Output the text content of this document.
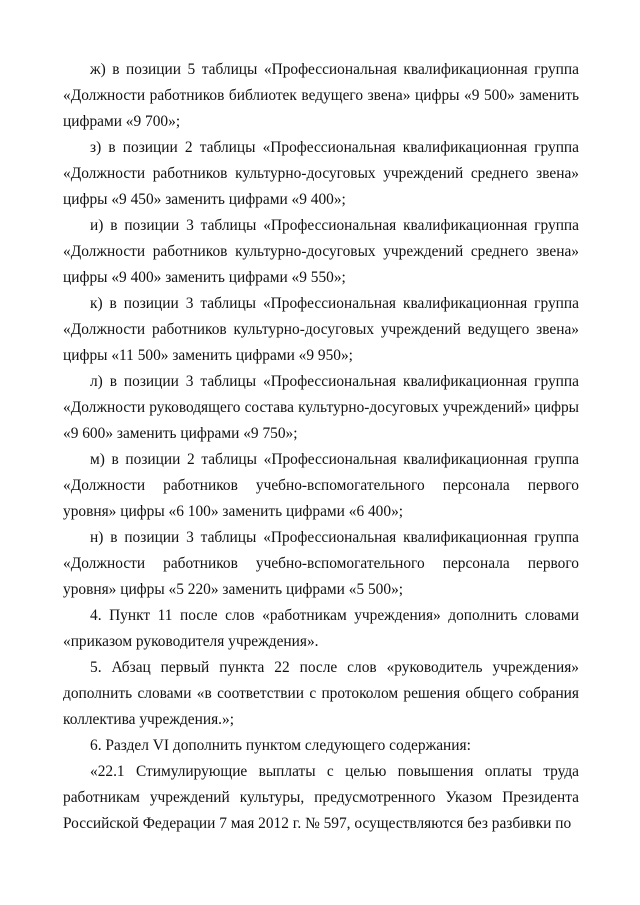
ж) в позиции 5 таблицы «Профессиональная квалификационная группа «Должности работников библиотек ведущего звена» цифры «9 500» заменить цифрами «9 700»;

з) в позиции 2 таблицы «Профессиональная квалификационная группа «Должности работников культурно-досуговых учреждений среднего звена» цифры «9 450» заменить цифрами «9 400»;

и) в позиции 3 таблицы «Профессиональная квалификационная группа «Должности работников культурно-досуговых учреждений среднего звена» цифры «9 400» заменить цифрами «9 550»;

к) в позиции 3 таблицы «Профессиональная квалификационная группа «Должности работников культурно-досуговых учреждений ведущего звена» цифры «11 500» заменить цифрами «9 950»;

л) в позиции 3 таблицы «Профессиональная квалификационная группа «Должности руководящего состава культурно-досуговых учреждений» цифры «9 600» заменить цифрами «9 750»;

м) в позиции 2 таблицы «Профессиональная квалификационная группа «Должности работников учебно-вспомогательного персонала первого уровня» цифры «6 100» заменить цифрами «6 400»;

н) в позиции 3 таблицы «Профессиональная квалификационная группа «Должности работников учебно-вспомогательного персонала первого уровня» цифры «5 220» заменить цифрами «5 500»;

4. Пункт 11 после слов «работникам учреждения» дополнить словами «приказом руководителя учреждения».

5. Абзац первый пункта 22 после слов «руководитель учреждения» дополнить словами «в соответствии с протоколом решения общего собрания коллектива учреждения.»;

6. Раздел VI дополнить пунктом следующего содержания:

«22.1 Стимулирующие выплаты с целью повышения оплаты труда работникам учреждений культуры, предусмотренного Указом Президента Российской Федерации 7 мая 2012 г. № 597, осуществляются без разбивки по
